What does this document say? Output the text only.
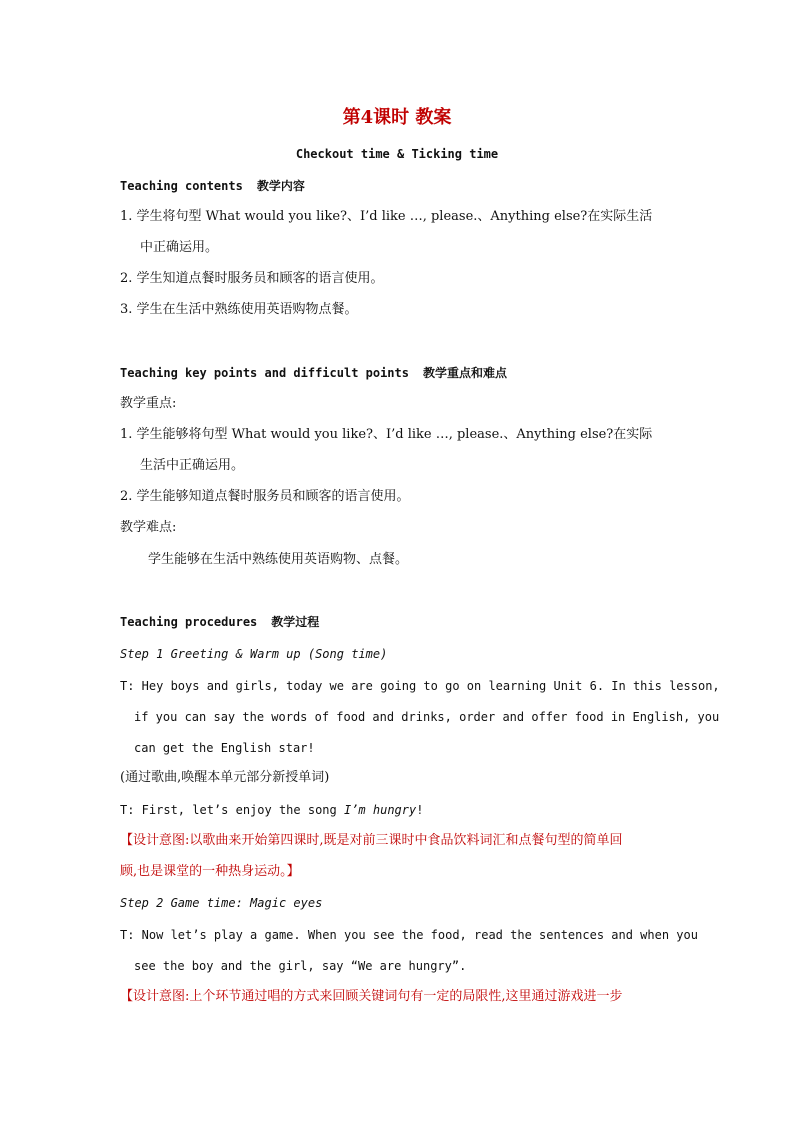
第4课时 教案
Checkout time & Ticking time
Teaching contents 教学内容
1. 学生将句型 What would you like?、I’d like …, please.、Anything else?在实际生活
中正确运用。
2. 学生知道点餐时服务员和顾客的语言使用。
3. 学生在生活中熟练使用英语购物点餐。
Teaching key points and difficult points 教学重点和难点
教学重点:
1. 学生能够将句型 What would you like?、I’d like …, please.、Anything else?在实际
生活中正确运用。
2. 学生能够知道点餐时服务员和顾客的语言使用。
教学难点:
学生能够在生活中熟练使用英语购物、点餐。
Teaching procedures 教学过程
Step 1 Greeting & Warm up (Song time)
T: Hey boys and girls, today we are going to go on learning Unit 6. In this lesson,
if you can say the words of food and drinks, order and offer food in English, you
can get the English star!
(通过歌曲,唤醒本单元部分新授单词)
T: First, let’s enjoy the song I’m hungry!
【设计意图:以歌曲来开始第四课时,既是对前三课时中食品饮料词汇和点餐句型的简单回
顾,也是课堂的一种热身运动。】
Step 2 Game time: Magic eyes
T: Now let’s play a game. When you see the food, read the sentences and when you
see the boy and the girl, say “We are hungry”.
【设计意图:上个环节通过唱的方式来回顾关键词句有一定的局限性,这里通过游戏进一步
